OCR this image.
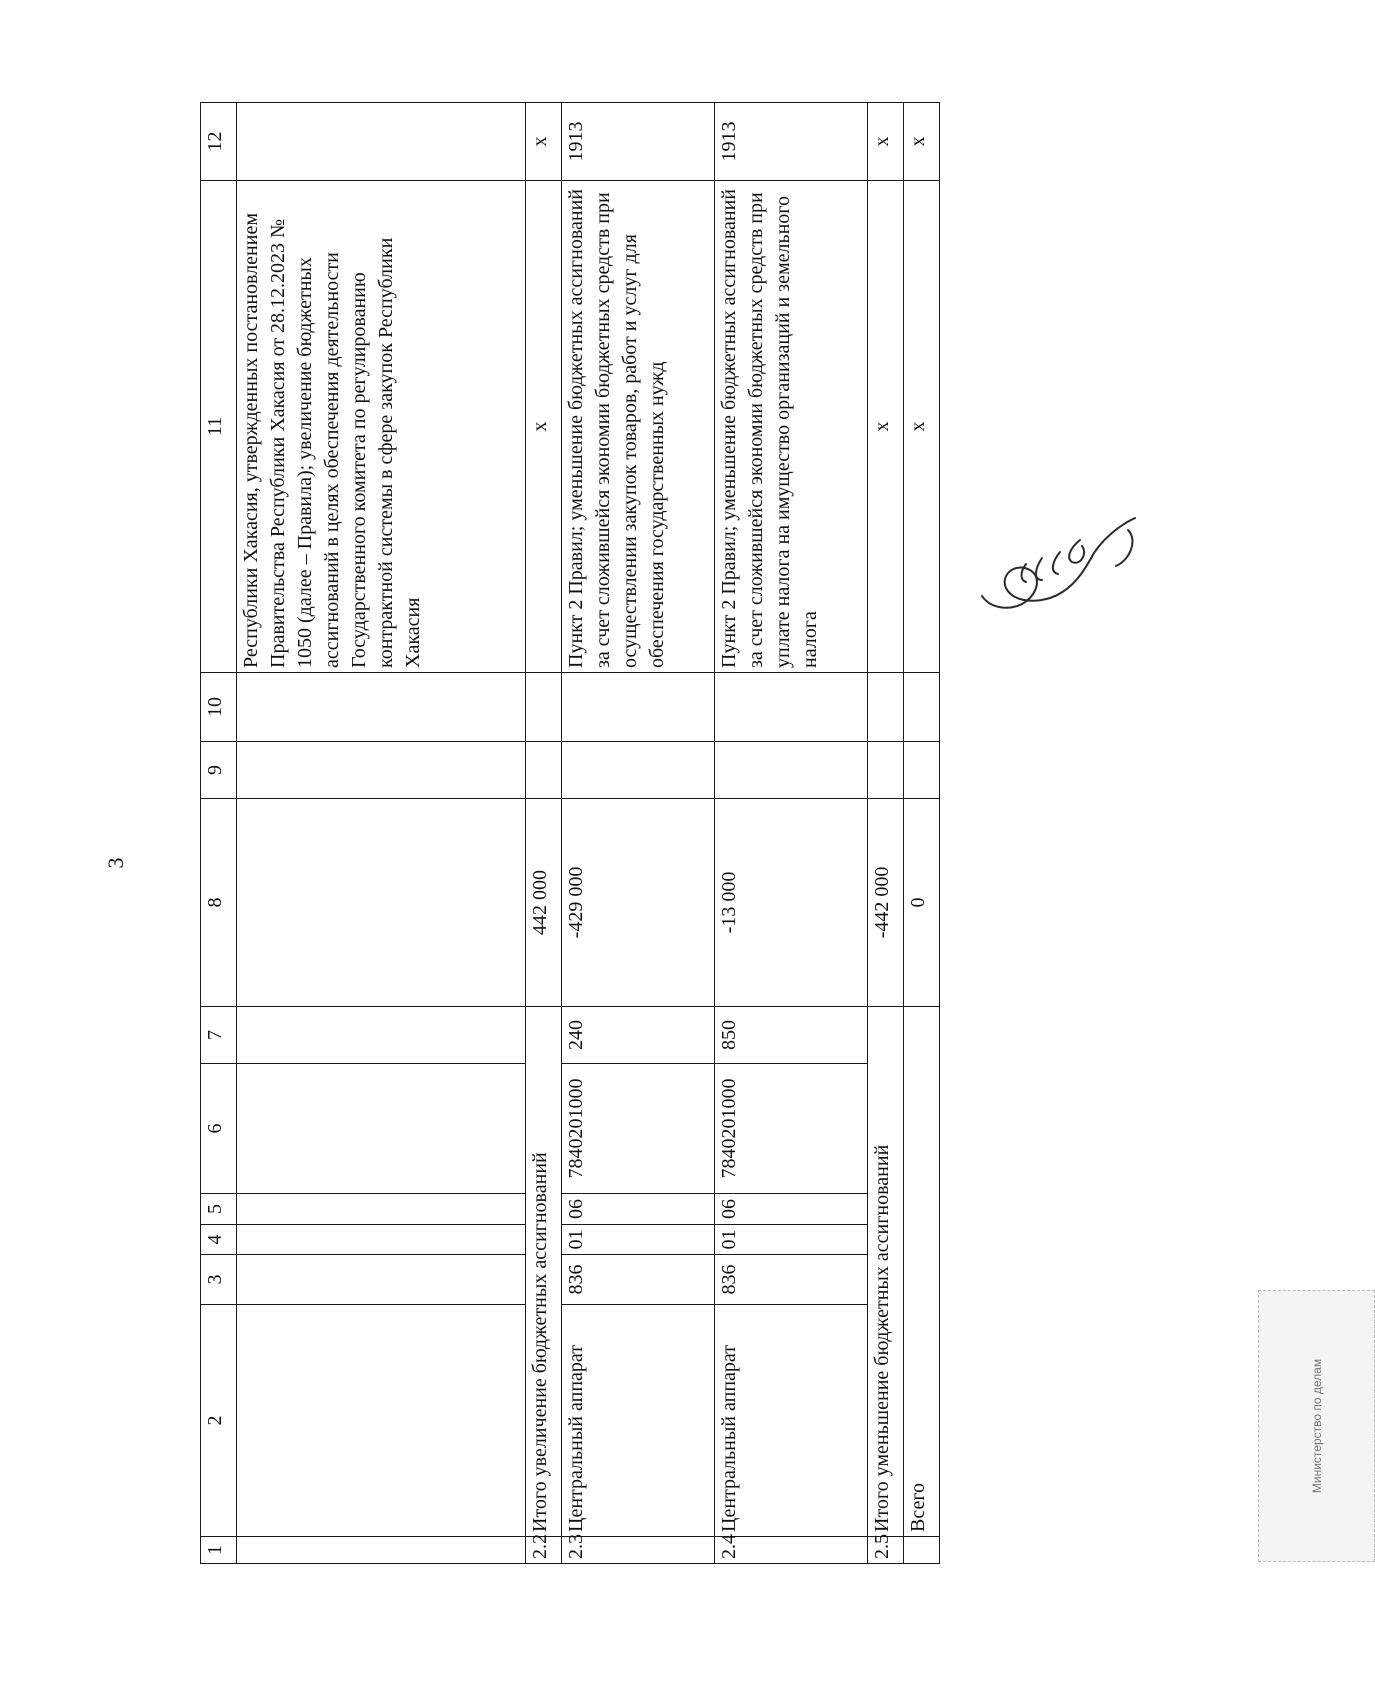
3
1	2	3	4	5	6	7	8	9	10	11	12
										Республики Хакасия, утвержденных постановлением Правительства Республики Хакасия от 28.12.2023 № 1050 (далее – Правила); увеличение бюджетных ассигнований в целях обеспечения деятельности Государственного комитета по регулированию контрактной системы в сфере закупок Республики Хакасия	
2.2	Итого увеличение бюджетных ассигнований						442 000			x	x
2.3	Центральный аппарат	836	01	06	7840201000	240	-429 000			Пункт 2 Правил; уменьшение бюджетных ассигнований за счет сложившейся экономии бюджетных средств при осуществлении закупок товаров, работ и услуг для обеспечения государственных нужд	1913
2.4	Центральный аппарат	836	01	06	7840201000	850	-13 000			Пункт 2 Правил; уменьшение бюджетных ассигнований за счет сложившейся экономии бюджетных средств при уплате налога на имущество организаций и земельного налога	1913
2.5	Итого уменьшение бюджетных ассигнований						-442 000			x	x
	Всего						0			x	x
Министерство по делам
